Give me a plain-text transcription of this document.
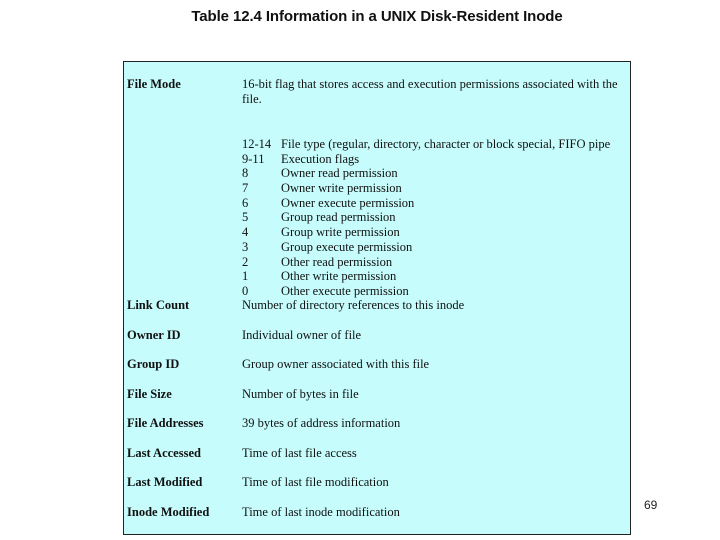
Table 12.4 Information in a UNIX Disk-Resident Inode
File Mode	16-bit flag that stores access and execution permissions associated with the file.
12-14 File type (regular, directory, character or block special, FIFO pipe
9-11 Execution flags
8	Owner read permission
7	Owner write permission
6	Owner execute permission
5	Group read permission
4	Group write permission
3	Group execute permission
2	Other read permission
1	Other write permission
0	Other execute permission
Link Count	Number of directory references to this inode
Owner ID	Individual owner of file
Group ID	Group owner associated with this file
File Size	Number of bytes in file
File Addresses	39 bytes of address information
Last Accessed	Time of last file access
Last Modified	Time of last file modification
Inode Modified	Time of last inode modification	69
